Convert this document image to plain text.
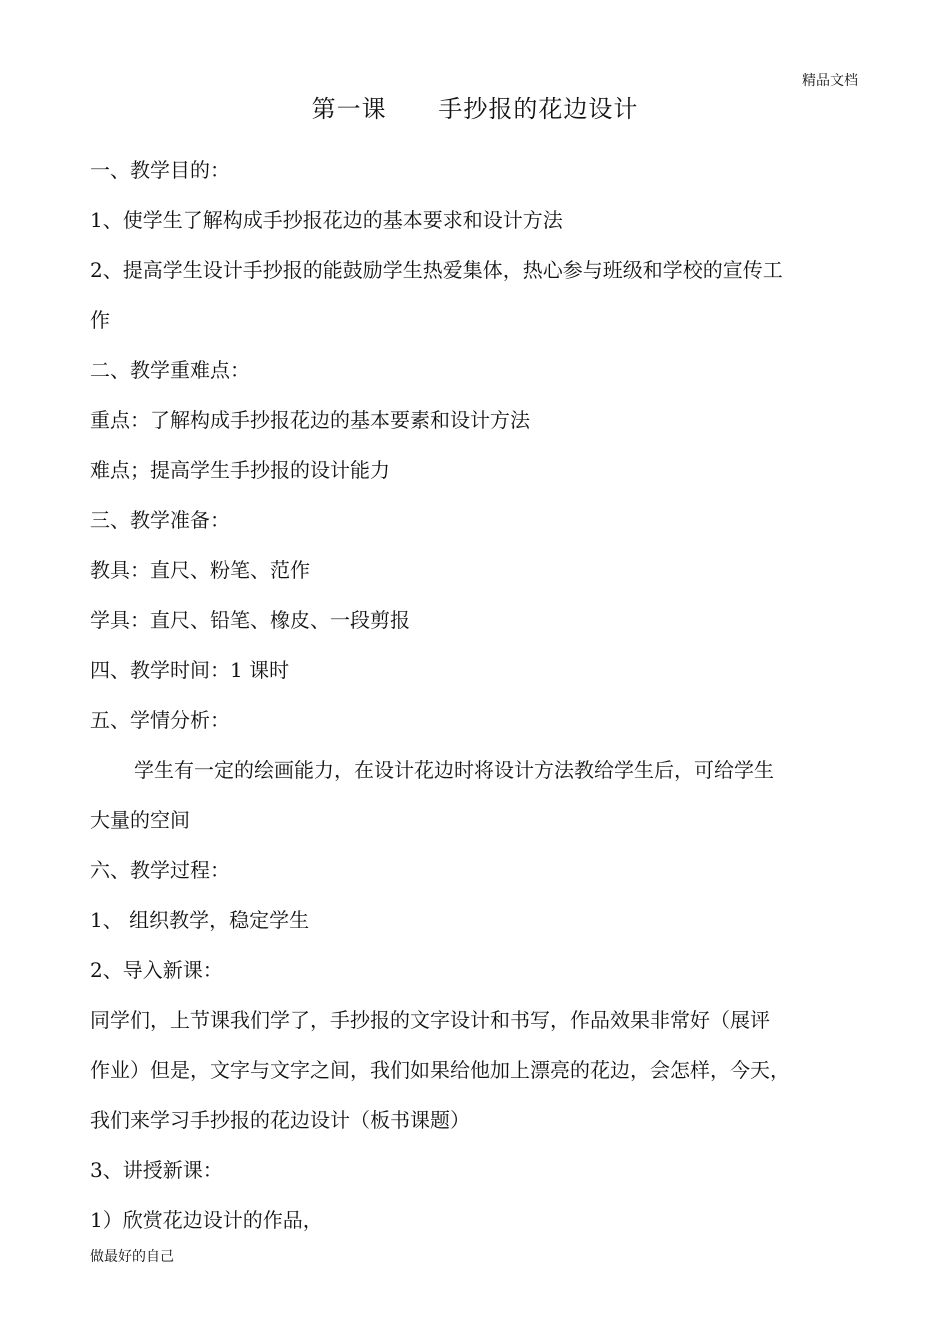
精品文档
第一课      手抄报的花边设计
一、教学目的：
1、使学生了解构成手抄报花边的基本要求和设计方法
2、提高学生设计手抄报的能鼓励学生热爱集体，热心参与班级和学校的宣传工
作
二、教学重难点：
重点：了解构成手抄报花边的基本要素和设计方法
难点；提高学生手抄报的设计能力
三、教学准备：
教具：直尺、粉笔、范作
学具：直尺、铅笔、橡皮、一段剪报
四、教学时间：1 课时
五、学情分析：
学生有一定的绘画能力，在设计花边时将设计方法教给学生后，可给学生
大量的空间
六、教学过程：
1、 组织教学，稳定学生
2、导入新课：
同学们，上节课我们学了，手抄报的文字设计和书写，作品效果非常好（展评
作业）但是，文字与文字之间，我们如果给他加上漂亮的花边，会怎样，今天，
我们来学习手抄报的花边设计（板书课题）
3、讲授新课：
1）欣赏花边设计的作品，
做最好的自己
